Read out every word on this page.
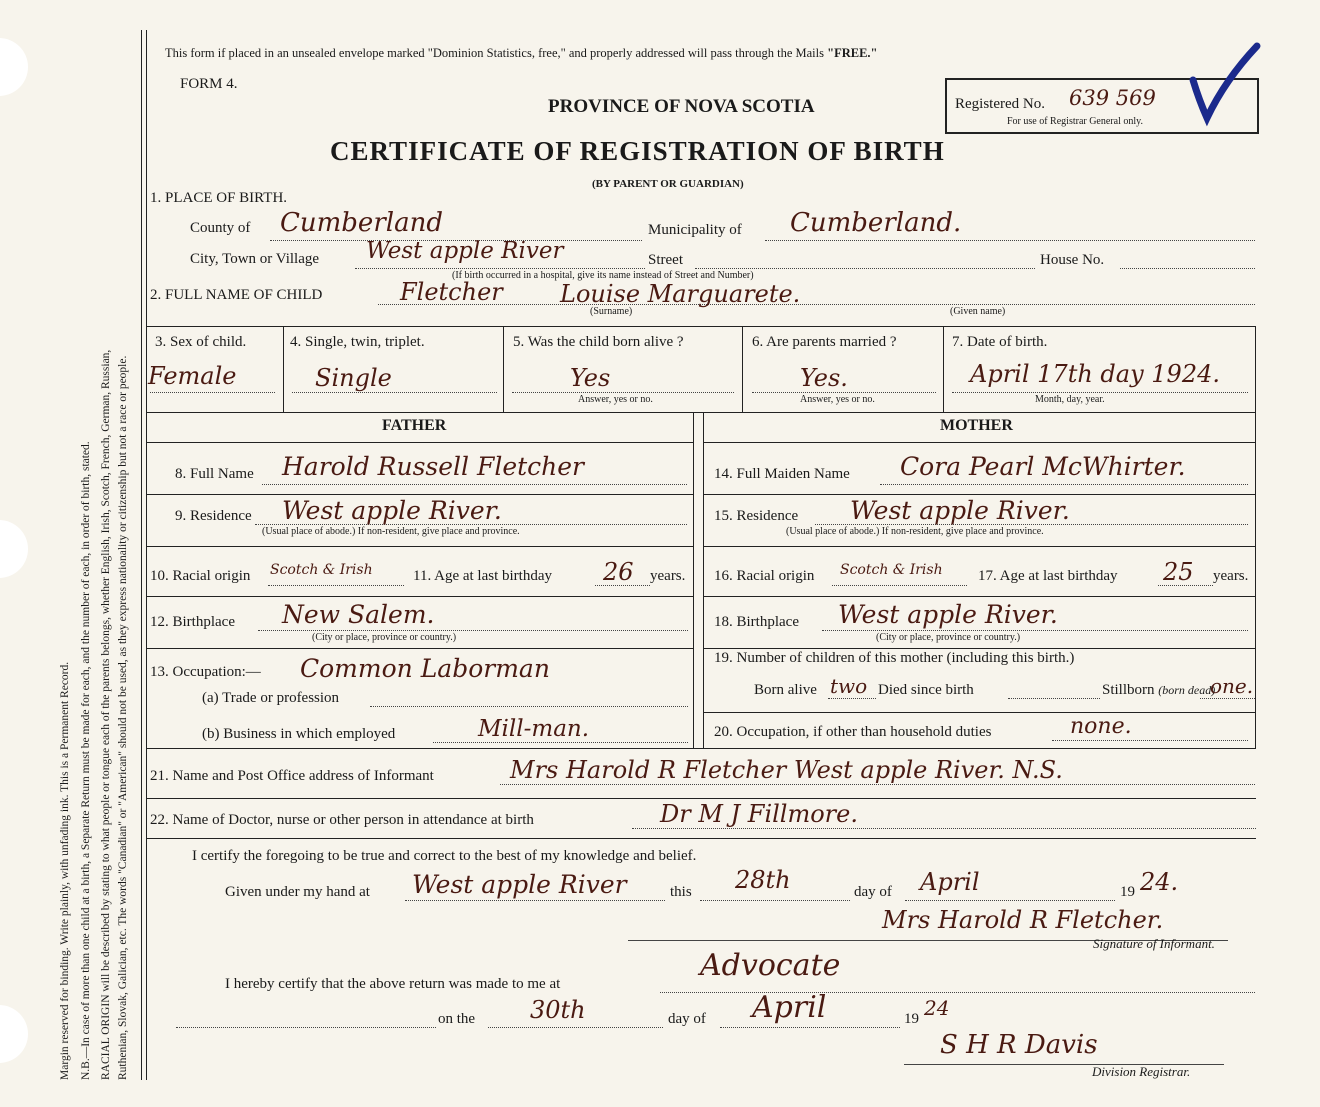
Margin reserved for binding. Write plainly, with unfading ink. This is a Permanent Record. N.B.—In case of more than one child at a birth, a Separate Return must be made for each, and the number of each, in order of birth, stated. RACIAL ORIGIN will be described by stating to what people or tongue each of the parents belongs, whether English, Irish, Scotch, French, German, Russian, Ruthenian, Slovak, Galician, etc. The words "Canadian" or "American" should not be used, as they express nationality or citizenship but not a race or people.
This form if placed in an unsealed envelope marked "Dominion Statistics, free," and properly addressed will pass through the Mails "FREE."
FORM 4.
PROVINCE OF NOVA SCOTIA	Registered No. 639 569
For use of Registrar General only.
CERTIFICATE OF REGISTRATION OF BIRTH
(BY PARENT OR GUARDIAN)
1. PLACE OF BIRTH.
County of Cumberland	Municipality of Cumberland.
City, Town or Village West apple River	Street	House No.
(If birth occurred in a hospital, give its name instead of Street and Number)
2. FULL NAME OF CHILD	Fletcher Louise Marguarete.
(Surname)	(Given name)
3. Sex of child.
Female
4. Single, twin, triplet.
Single
5. Was the child born alive ?
Yes
Answer, yes or no.
6. Are parents married ?
Yes.
Answer, yes or no.
7. Date of birth.
April 17th day 1924.
Month, day, year.
FATHER	MOTHER
8. Full Name Harold Russell Fletcher
9. Residence West apple River.
(Usual place of abode.) If non-resident, give place and province.
10. Racial origin Scotch & Irish	11. Age at last birthday 26 years.
12. Birthplace New Salem.
(City or place, province or country.)
13. Occupation:— Common Laborman
(a) Trade or profession
(b) Business in which employed	Mill-man.
14. Full Maiden Name Cora Pearl McWhirter.
15. Residence West apple River.
(Usual place of abode.) If non-resident, give place and province.
16. Racial origin Scotch & Irish 17. Age at last birthday 25 years.
18. Birthplace West apple River.
(City or place, province or country.)
19. Number of children of this mother (including this birth.)
Born alive two Died since birth	Stillborn (born dead)
one.
20. Occupation, if other than household duties	none.
21. Name and Post Office address of Informant	Mrs Harold R Fletcher West apple River. N.S.
22. Name of Doctor, nurse or other person in attendance at birth	Dr M J Fillmore.
I certify the foregoing to be true and correct to the best of my knowledge and belief.
Given under my hand at West apple River	this 28th	day of April	19 24.
Mrs Harold R Fletcher.
Signature of Informant.
I hereby certify that the above return was made to me at
Advocate
on the 30th	day of April	19 24
S H R Davis
Division Registrar.
